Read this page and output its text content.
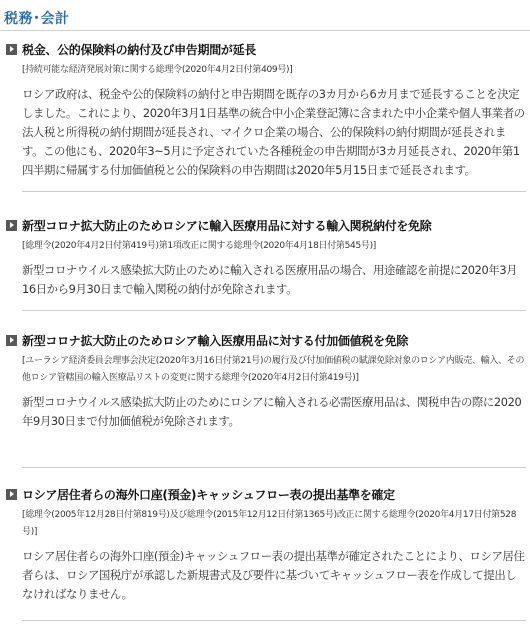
税務･会計
税金、公的保険料の納付及び申告期間が延長
[持続可能な経済発展対策に関する総理令(2020年4月2日付第409号)]
ロシア政府は、税金や公的保険料の納付と申告期間を既存の3カ月から6カ月まで延長することを決定しました。これにより、2020年3月1日基準の統合中小企業登記簿に含まれた中小企業や個人事業者の法人税と所得税の納付期間が延長され、マイクロ企業の場合、公的保険料の納付期間が延長されます。この他にも、2020年3~5月に予定されていた各種税金の申告期間が3カ月延長され、2020年第1四半期に帰属する付加価値税と公的保険料の申告期間は2020年5月15日まで延長されます。
新型コロナ拡大防止のためロシアに輸入医療用品に対する輸入関税納付を免除
[総理令(2020年4月2日付第419号)第1項改正に関する総理令(2020年4月18日付第545号)]
新型コロナウイルス感染拡大防止のために輸入される医療用品の場合、用途確認を前提に2020年3月16日から9月30日まで輸入関税の納付が免除されます。
新型コロナ拡大防止のためロシア輸入医療用品に対する付加価値税を免除
[ユーラシア経済委員会理事会決定(2020年3月16日付第21号)の履行及び付加価値税の賦課免除対象のロシア内販売、輸入、その他ロシア管轄国の輸入医療品リストの変更に関する総理令(2020年4月2日付第419号)]
新型コロナウイルス感染拡大防止のためにロシアに輸入される必需医療用品は、関税申告の際に2020年9月30日まで付加価値税が免除されます。
ロシア居住者らの海外口座(預金)キャッシュフロー表の提出基準を確定
[総理令(2005年12月28日付第819号)及び総理令(2015年12月12日付第1365号)改正に関する総理令(2020年4月17日付第528号)]
ロシア居住者らの海外口座(預金)キャッシュフロー表の提出基準が確定されたことにより、ロシア居住者らは、ロシア国税庁が承認した新規書式及び要件に基づいてキャッシュフロー表を作成して提出しなければなりません。
